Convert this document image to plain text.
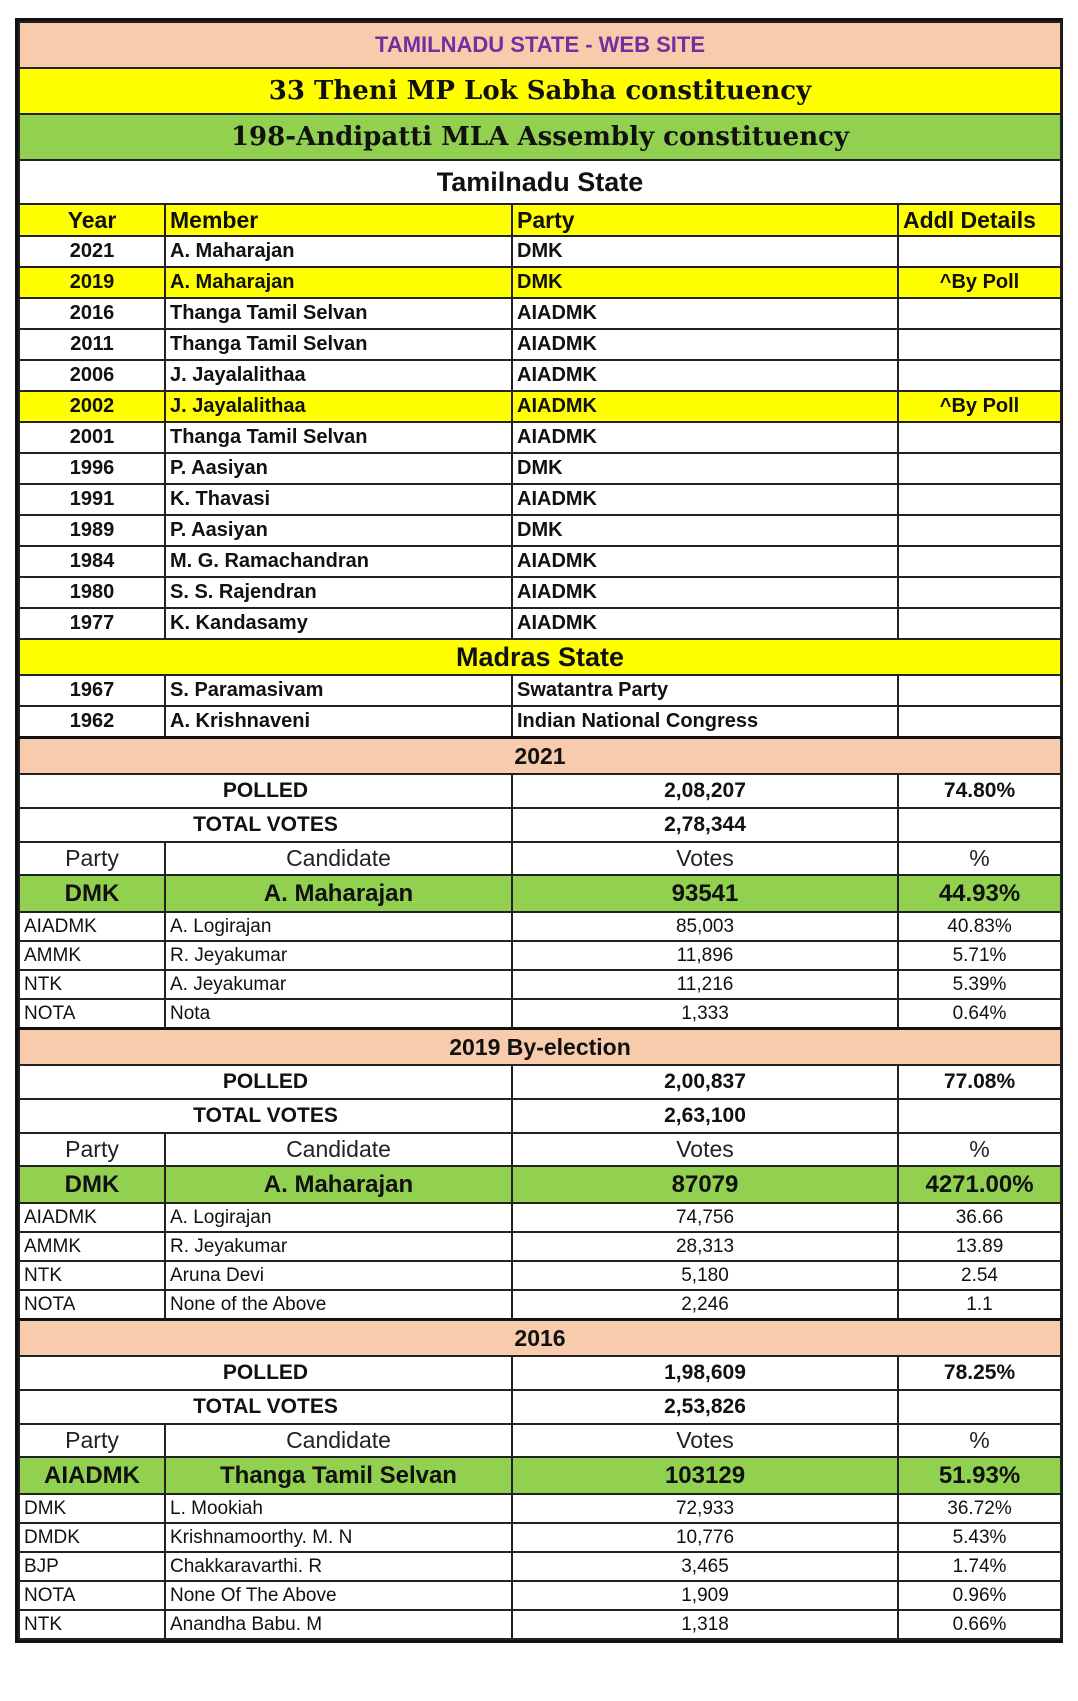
TAMILNADU STATE - WEB SITE			
33 Theni MP Lok Sabha constituency			
198-Andipatti MLA Assembly constituency			
Tamilnadu State			
Year	Member	Party	Addl Details
2021	A. Maharajan	DMK	
2019	A. Maharajan	DMK	^By Poll
2016	Thanga Tamil Selvan	AIADMK	
2011	Thanga Tamil Selvan	AIADMK	
2006	J. Jayalalithaa	AIADMK	
2002	J. Jayalalithaa	AIADMK	^By Poll
2001	Thanga Tamil Selvan	AIADMK	
1996	P. Aasiyan	DMK	
1991	K. Thavasi	AIADMK	
1989	P. Aasiyan	DMK	
1984	M. G. Ramachandran	AIADMK	
1980	S. S. Rajendran	AIADMK	
1977	K. Kandasamy	AIADMK	
Madras State			
1967	S. Paramasivam	Swatantra Party	
1962	A. Krishnaveni	Indian National Congress	
2021			
POLLED		2,08,207	74.80%
TOTAL VOTES		2,78,344	
Party	Candidate	Votes	%
DMK	A. Maharajan	93541	44.93%
AIADMK	A. Logirajan	85,003	40.83%
AMMK	R. Jeyakumar	11,896	5.71%
NTK	A. Jeyakumar	11,216	5.39%
NOTA	Nota	1,333	0.64%
2019 By-election			
POLLED		2,00,837	77.08%
TOTAL VOTES		2,63,100	
Party	Candidate	Votes	%
DMK	A. Maharajan	87079	4271.00%
AIADMK	A. Logirajan	74,756	36.66
AMMK	R. Jeyakumar	28,313	13.89
NTK	Aruna Devi	5,180	2.54
NOTA	None of the Above	2,246	1.1
2016			
POLLED		1,98,609	78.25%
TOTAL VOTES		2,53,826	
Party	Candidate	Votes	%
AIADMK	Thanga Tamil Selvan	103129	51.93%
DMK	L. Mookiah	72,933	36.72%
DMDK	Krishnamoorthy. M. N	10,776	5.43%
BJP	Chakkaravarthi. R	3,465	1.74%
NOTA	None Of The Above	1,909	0.96%
NTK	Anandha Babu. M	1,318	0.66%
